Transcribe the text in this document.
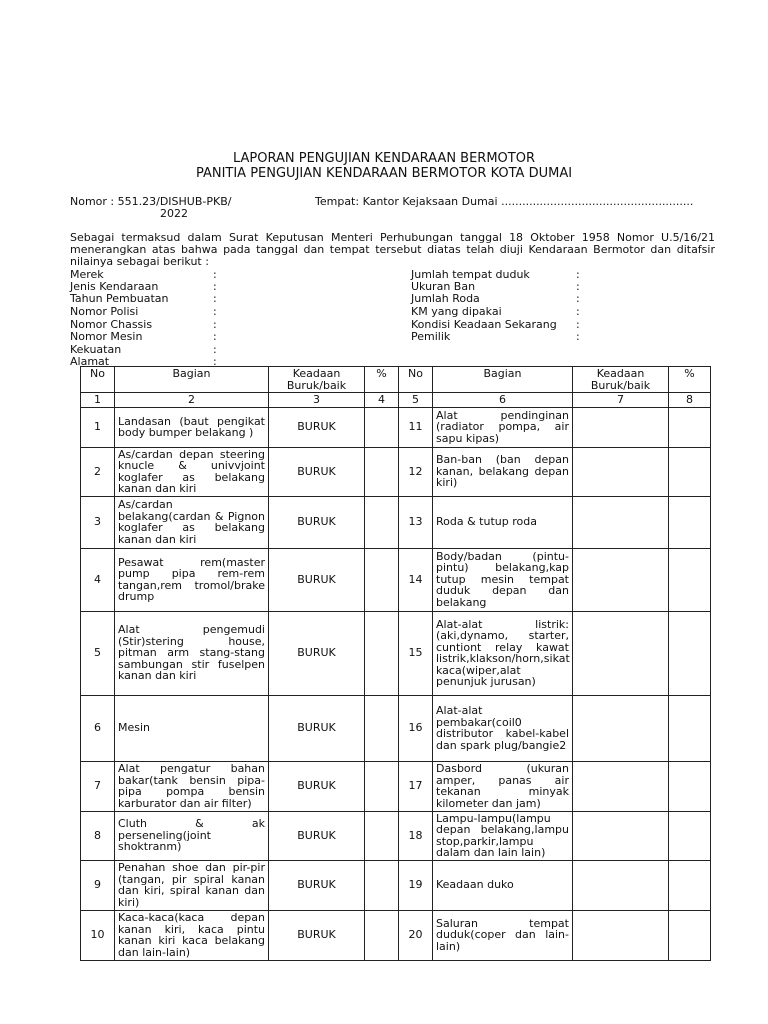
LAPORAN PENGUJIAN KENDARAAN BERMOTOR
PANITIA PENGUJIAN KENDARAAN BERMOTOR KOTA DUMAI
Nomor : 551.23/DISHUB-PKB/
2022
Tempat: Kantor Kejaksaan Dumai .......................................................
Sebagai termaksud dalam Surat Keputusan Menteri Perhubungan tanggal 18 Oktober 1958 Nomor U.5/16/21 menerangkan atas bahwa pada tanggal dan tempat tersebut diatas telah diuji Kendaraan Bermotor dan ditafsir nilainya sebagai berikut :
Merek	:
Jenis Kendaraan	:
Tahun Pembuatan	:
Nomor Polisi	:
Nomor Chassis	:
Nomor Mesin	:
Kekuatan	:
Alamat	:
Jumlah tempat duduk	:
Ukuran Ban	:
Jumlah Roda	:
KM yang dipakai	:
Kondisi Keadaan Sekarang :
Pemilik	:
No	Bagian	Keadaan Buruk/baik	%	No	Bagian	Keadaan Buruk/baik	%
1	2	3	4	5	6	7	8
1	Landasan (baut pengikat body bumper belakang )	BURUK		11	Alat pendinginan (radiator pompa, air sapu kipas)		
2	As/cardan depan steering knucle & univvjoint koglafer as belakang kanan dan kiri	BURUK		12	Ban-ban (ban depan kanan, belakang depan kiri)		
3	As/cardan belakang(cardan & Pignon koglafer as belakang kanan dan kiri	BURUK		13	Roda & tutup roda		
4	Pesawat rem(master pump pipa rem-rem tangan,rem tromol/brake drump	BURUK		14	Body/badan (pintu-pintu) belakang,kap tutup mesin tempat duduk depan dan belakang		
5	Alat pengemudi (Stir)stering house, pitman arm stang-stang sambungan stir fuselpen kanan dan kiri	BURUK		15	Alat-alat listrik:(aki,dynamo, starter, cuntiont relay kawat listrik,klakson/horn,sikat kaca(wiper,alat penunjuk jurusan)		
6	Mesin	BURUK		16	Alat-alat pembakar(coil0 distributor kabel-kabel dan spark plug/bangie2		
7	Alat pengatur bahan bakar(tank bensin pipa-pipa pompa bensin karburator dan air filter)	BURUK		17	Dasbord (ukuran amper, panas air tekanan minyak kilometer dan jam)		
8	Cluth & ak perseneling(joint shoktranm)	BURUK		18	Lampu-lampu(lampu depan belakang,lampu stop,parkir,lampu dalam dan lain lain)		
9	Penahan shoe dan pir-pir (tangan, pir spiral kanan dan kiri, spiral kanan dan kiri)	BURUK		19	Keadaan duko		
10	Kaca-kaca(kaca depan kanan kiri, kaca pintu kanan kiri kaca belakang dan lain-lain)	BURUK		20	Saluran tempat duduk(coper dan lain-lain)		
